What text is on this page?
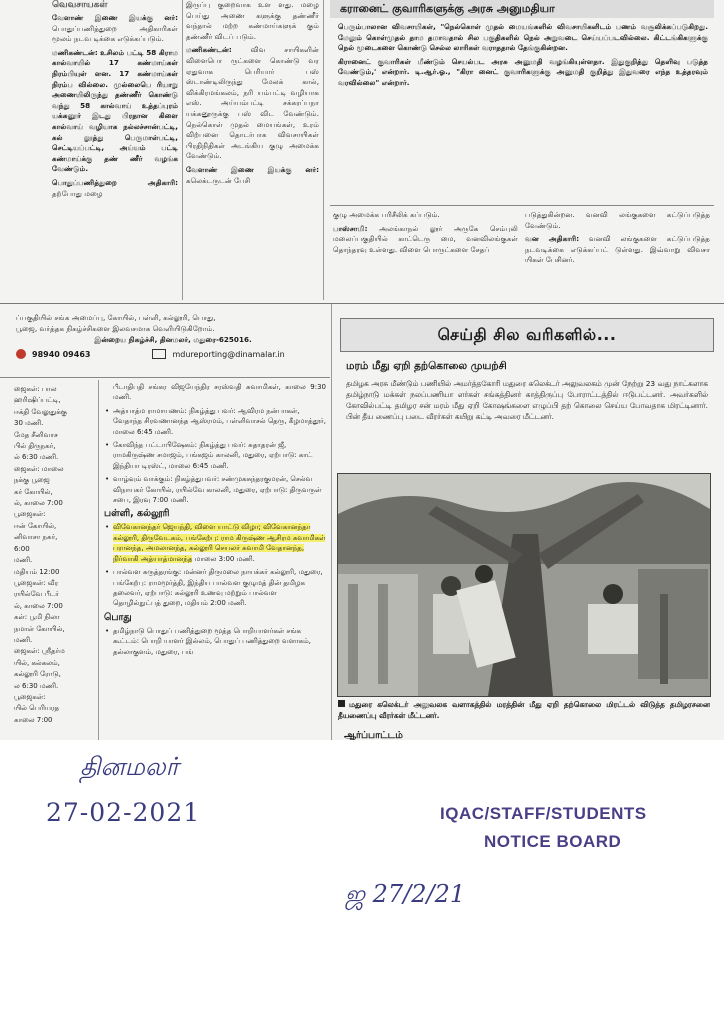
வெவசாயகள்

வேளாண் இணை இயக்கு னர்: பொதுப்பணித்துறை அதிகாரிகள் மூலம் நடவ டிக்கை எடுக்கப்படும்.

மணிகண்டன்: உசிலம் பட்டி 58 கிராம கால்வாயில் 17 கண்மாய்கள் நிரம்பியுள் ளன. 17 கண்மாய்கள் நிரம்ப வில்லை. முல்லைபெ ரியாறு அணையிலிருந்து தண்ணீர் கொண்டு வந்து 58 கால்வாய் உத்தப்புரம் யக்கனூர் இடது பிரதான கிளை கால்வாய் வழியாக நல்லச்சான்பட்டி, கல் லூத்து பெருமாள்பட்டி, செட்டியப்பட்டி, அய்யம் பட்டி கண்மாய்க்கு தண் ணீர் வழங்க வேண்டும்.

பொதுப்பணித்துறை அதிகாரி: தற்போது மழை

இருப்பு குறைவாக உள ளது. மழை பெய்து அணை களுக்கு தண்ணீர் வந்தால் மற்ற கண்மாய்களுக் கும் தண்ணீர் விடப் படும்.

மணிகண்டன்:	விவ சாயிகளின் விளைபொ ருட்களை கொண்டு வர ஏதுவாக பெரியார் பஸ் ஸ்டாண்டிலிருந்து மேலக் கால், விக்கிரமங்கலம், நரி யம்பட்டி வழியாக எஸ். அய்யம்பட்டி சக்கரப்பநா யக்கனூருக்கு பஸ் விட வேண்டும். நெல்கொள் முதல் மையங்கள், உரம் விற்பனை தொடர்பாக விவசாயிகள் பிரதிநிதிகள் அடங்கிய குழு அமைக்க வேண்டும்.

வேளாண் இணை இயக்கு னர்: கலெக்டருடன் பேசி

கரானைட் குவாரிகளுக்கு அரசு அனுமதியா

பெரும்பாலான விவசாயிகள், "நெல்கொள் முதல் மையங்களில் விவசாயிகளிடம் பணம் வசூலிக்கப்படுகிறது. மேலும் கொள்முதல் தாம தமாவதால் சில பகுதிகளில் நெல் அறுவடை செய்யப்படவில்லை. கிட்டங்கிகளுக்கு நெல் மூடைகளை கொண்டு செல்ல லாரிகள் வராததால் தேங்குகின்றன.

கிரானைட் குவாரிகள் மீண்டும் செயல்பட அரசு அனுமதி வழங்கியுள்ளதா. இதுகுறித்து தெளிவு படுத்த வேண்டும்,' என்றார். டி.ஆர்.ஓ., "கிரா னைட் குவாரிகளுக்கு அனுமதி குறித்து இதுவரை எந்த உத்தரவும் வரவில்லை" என்றார்.

குழு அமைக்க பரிசீலிக் கப்படும்.

பாஸ்சாமி: அலங்காநல் லூர் அருகே செம்புலி மலைப்பகுதியில் காட்டெரு மை, வனவிலங்குகள் தொந்தரவு உள்ளது. விளை பொருட்களை சேதப்

படுத்துகின்றன. வனவி லங்குகளை கட்டுப்படுத்த வேண்டும்.

வன அதிகாரி: வனவி லங்குகளை கட்டுப்படுத்த நடவடிக்கை எடுக்கப்பட் டுள்ளது. இவ்வாறு விவசா யிகள் பேசினர்.

ப்பகுதியில் சங்க அமைப்பு, கோயில், பள்ளி, கல்லூரி, பொது,
பூஜை, வர்த்தக நிகழ்ச்சிகளை இலவசமாக வெளியிடுகிறோம்.
இன்றைய நிகழ்ச்சி, தினமலர், மதுரை-625016.
98940 09463	mdureporting@dinamalar.in
ஜைகள்: பால
ஹரிஷிப்பட்டி,
ஈக்தி வேலுதுக்கு
30 மணி.
மேத சீனிவாச
பில் திருநகர்,
ல் 6:30 மணி.
ஜைகள்: மாலை
நக்கு பூஜை
கர் கோயில்,
ல், காலை 7:00
பூஜைகள்:
ஈன் கோயில்,
னிவாசா நகர்,
6:00
மணி.
மதியம் 12:00
பூஜைகள்: வீர
ரயில்வே பீடர்
ல், காலை 7:00
கள்: பூமி நிலா
நமாள் கோயில்,
மணி.
ஜைகள்: ஸ்ரீதர்ம
யில், கல்கலம்,
கல்லூரி ரோடு,
ல 6:30 மணி.
பூஜைகள்:
யில் பெரியரத
காலை 7:00

பீடாதிபதி சங்கர விஜயேந்திர சரஸ்வதி சுவாமிகள், காலை 9:30 மணி.

• அத்யாத்ம ராமாயணம்: நிகழ்த்து பவர்: ஆவிரம நன்பாகள், வேதாந்த சிரவணானந்த ஆஸ்ரமம், பள்ளிவாசல் தெரு, கீழமாத்தூர், மாலை 6:45 மணி.
• கோவிந்த பட்டாபிஷேகம்: நிகழ்த்து பவர்: சுதாதரன் ஜீ, ராமகிருஷ்ண சமாஜம், பங்கஜம் காலனி, மதுரை, ஏற்பாடு: காட் இந்தியா டிரஸ்ட், மாலை 6:45 மணி.
• வாழ்வும் வாக்கும்: நிகழ்த்துபவர்: சண்முகசுந்தரகுமரன், செல்வ விநாயகர் கோயில், ரயில்வே காலனி, மதுரை, ஏற்பாடு: திருவருள் சபை, இரவு 7:00 மணி.
பள்ளி, கல்லூரி
• விவேகானந்தர் ஜெயந்தி, விளை யாட்டு விழா; விவேகானந்தா கல்லூரி, திருவேடகம், பங்கேற்பு: ராம கிருஷ்ண ஆசிரம சுவாமிகள் பரானந்த, அமலானந்த, கல்லூரி செயலர் சுவாமி வேதானந்த, நிர்வாகி அத்யாத்மானந்த மாலை 3:00 மணி.
• பால்வள கருத்தரங்கு: மன்னர் திருமலை நாயக்கர் கல்லூரி, மதுரை, பங்கேற்பு: ராமமூர்த்தி, இந்திய பால்வள குழுமத் தின் தமிழக தலைவர், ஏற்பாடு: கல்லூரி உணவு மற்றும் பால்வள தொழில்நுட்பத் துறை, மதியம் 2:00 மணி.
பொது
• தமிழ்நாடு பொதுப் பணித்துறை மூத்த பொறியாளர்கள் சங்க கூட்டம்: பொறி யாளர் இல்லம், பொதுப் பணித்துறை வளாகம், தல்லாகுளம், மதுரை, பங்
செய்தி சில வரிகளில்...
மரம் மீது ஏறி தற்கொலை முயற்சி

தமிழக அரசு மீண்டும் பணியில் அமர்த்தகோரி மதுரை கலெக்டர் அலுவலகம் முன் நேற்று 23 வது நாட்களாக தமிழ்நாடு மக்கள் நலப்பணியா ளர்கள் சங்கத்தினர் காத்திருப்பு போராட்டத்தில் ஈடுபட்டனர். அவர்களில் கோவில்பட்டி தமிழர சன் மரம் மீது ஏறி கோஷங்களை எழுப்பி தற் கொலை செய்ய போவதாக மிரட்டினார். பின் தீய ணைப்பு படை வீரர்கள் கயிறு கட்டி அவரை மீட்டனர்.

மதுரை கலெக்டர் அலுவலக வளாகத்தில் மரத்தின் மீது ஏறி தற்கொலை மிரட்டல் விடுத்த தமிழரசனை தீயணைப்பு வீரர்கள் மீட்டனர்.

ஆர்ப்பாட்டம்
தினமலர்
27-02-2021
ஜ 27/2/21
IQAC/STAFF/STUDENTS
NOTICE BOARD
